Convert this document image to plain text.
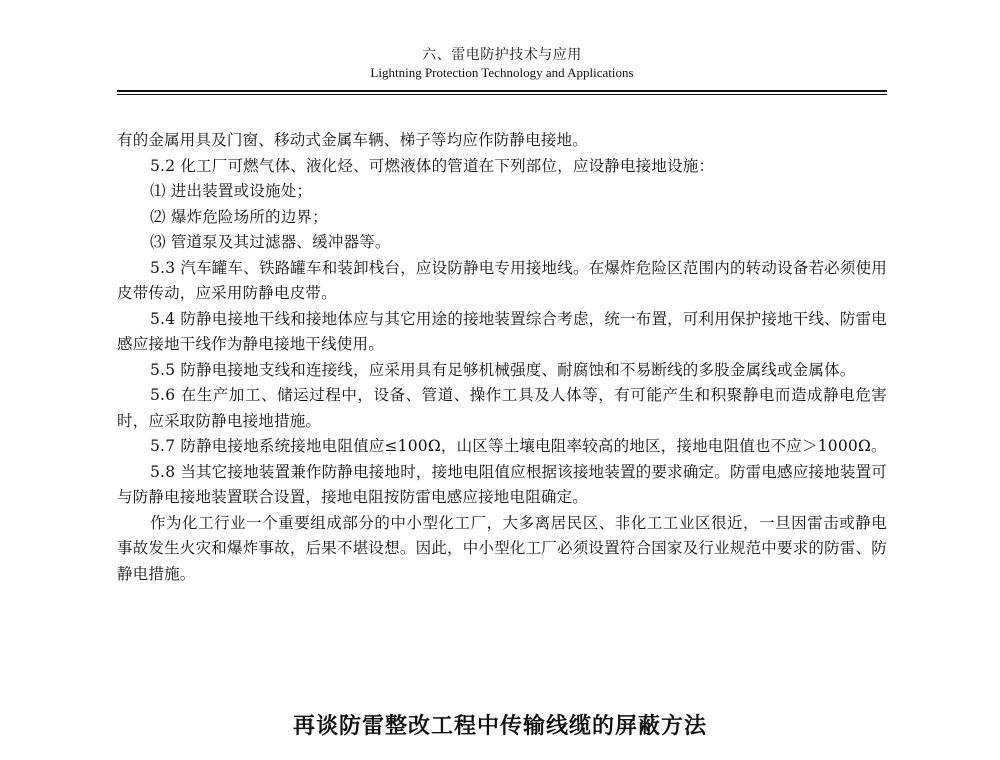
六、雷电防护技术与应用
Lightning Protection Technology and Applications

有的金属用具及门窗、移动式金属车辆、梯子等均应作防静电接地。

5.2 化工厂可燃气体、液化烃、可燃液体的管道在下列部位，应设静电接地设施：

⑴ 进出装置或设施处；

⑵ 爆炸危险场所的边界；

⑶ 管道泵及其过滤器、缓冲器等。

5.3 汽车罐车、铁路罐车和装卸栈台，应设防静电专用接地线。在爆炸危险区范围内的转动设备若必须使用皮带传动，应采用防静电皮带。

5.4 防静电接地干线和接地体应与其它用途的接地装置综合考虑，统一布置，可利用保护接地干线、防雷电感应接地干线作为静电接地干线使用。

5.5 防静电接地支线和连接线，应采用具有足够机械强度、耐腐蚀和不易断线的多股金属线或金属体。

5.6 在生产加工、储运过程中，设备、管道、操作工具及人体等，有可能产生和积聚静电而造成静电危害时，应采取防静电接地措施。

5.7 防静电接地系统接地电阻值应≤100Ω，山区等土壤电阻率较高的地区，接地电阻值也不应＞1000Ω。

5.8 当其它接地装置兼作防静电接地时，接地电阻值应根据该接地装置的要求确定。防雷电感应接地装置可与防静电接地装置联合设置，接地电阻按防雷电感应接地电阻确定。

作为化工行业一个重要组成部分的中小型化工厂，大多离居民区、非化工工业区很近，一旦因雷击或静电事故发生火灾和爆炸事故，后果不堪设想。因此，中小型化工厂必须设置符合国家及行业规范中要求的防雷、防静电措施。

再谈防雷整改工程中传输线缆的屏蔽方法
